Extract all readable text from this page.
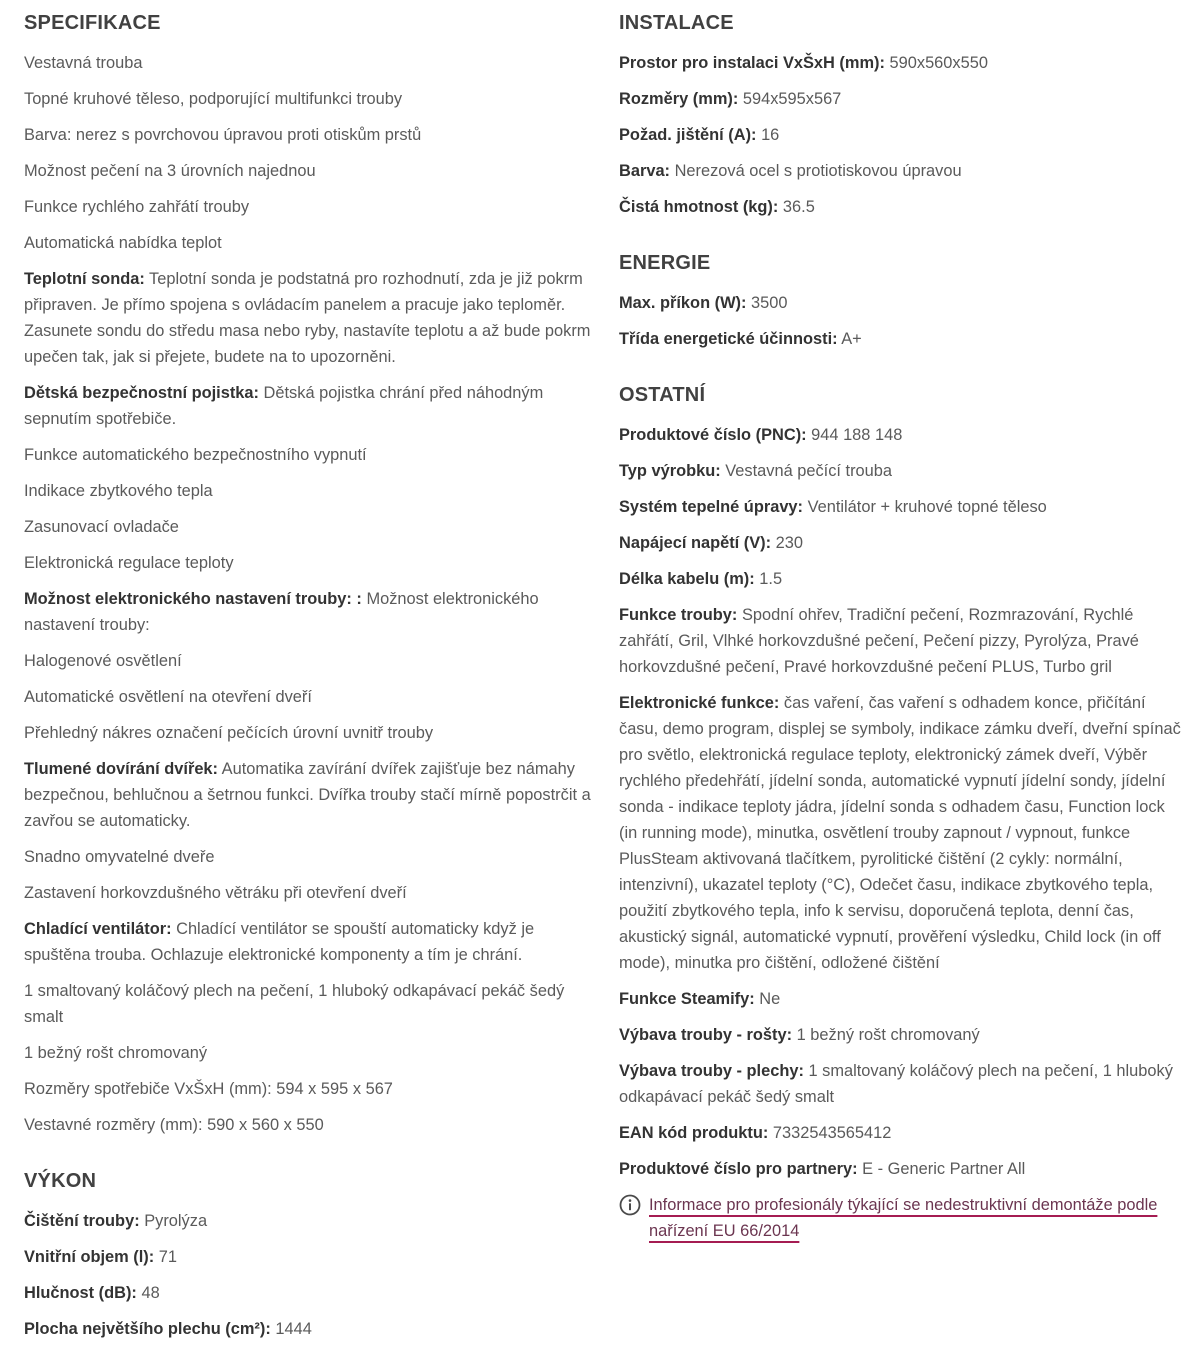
SPECIFIKACE
Vestavná trouba
Topné kruhové těleso, podporující multifunkci trouby
Barva: nerez s povrchovou úpravou proti otiskům prstů
Možnost pečení na 3 úrovních najednou
Funkce rychlého zahřátí trouby
Automatická nabídka teplot
Teplotní sonda: Teplotní sonda je podstatná pro rozhodnutí, zda je již pokrm připraven. Je přímo spojena s ovládacím panelem a pracuje jako teploměr. Zasunete sondu do středu masa nebo ryby, nastavíte teplotu a až bude pokrm upečen tak, jak si přejete, budete na to upozorněni.
Dětská bezpečnostní pojistka: Dětská pojistka chrání před náhodným sepnutím spotřebiče.
Funkce automatického bezpečnostního vypnutí
Indikace zbytkového tepla
Zasunovací ovladače
Elektronická regulace teploty
Možnost elektronického nastavení trouby: : Možnost elektronického nastavení trouby:
Halogenové osvětlení
Automatické osvětlení na otevření dveří
Přehledný nákres označení pečících úrovní uvnitř trouby
Tlumené dovírání dvířek: Automatika zavírání dvířek zajišťuje bez námahy bezpečnou, behlučnou a šetrnou funkci. Dvířka trouby stačí mírně popostrčit a zavřou se automaticky.
Snadno omyvatelné dveře
Zastavení horkovzdušného větráku při otevření dveří
Chladící ventilátor: Chladící ventilátor se spouští automaticky když je spuštěna trouba. Ochlazuje elektronické komponenty a tím je chrání.
1 smaltovaný koláčový plech na pečení, 1 hluboký odkapávací pekáč šedý smalt
1 bežný rošt chromovaný
Rozměry spotřebiče VxŠxH (mm): 594 x 595 x 567
Vestavné rozměry (mm): 590 x 560 x 550
VÝKON
Čištění trouby: Pyrolýza
Vnitřní objem (l): 71
Hlučnost (dB): 48
Plocha největšího plechu (cm²): 1444
INSTALACE
Prostor pro instalaci VxŠxH (mm): 590x560x550
Rozměry (mm): 594x595x567
Požad. jištění (A): 16
Barva: Nerezová ocel s protiotiskovou úpravou
Čistá hmotnost (kg): 36.5
ENERGIE
Max. příkon (W): 3500
Třída energetické účinnosti: A+
OSTATNÍ
Produktové číslo (PNC): 944 188 148
Typ výrobku: Vestavná pečící trouba
Systém tepelné úpravy: Ventilátor + kruhové topné těleso
Napájecí napětí (V): 230
Délka kabelu (m): 1.5
Funkce trouby: Spodní ohřev, Tradiční pečení, Rozmrazování, Rychlé zahřátí, Gril, Vlhké horkovzdušné pečení, Pečení pizzy, Pyrolýza, Pravé horkovzdušné pečení, Pravé horkovzdušné pečení PLUS, Turbo gril
Elektronické funkce: čas vaření, čas vaření s odhadem konce, přičítání času, demo program, displej se symboly, indikace zámku dveří, dveřní spínač pro světlo, elektronická regulace teploty, elektronický zámek dveří, Výběr rychlého předehřátí, jídelní sonda, automatické vypnutí jídelní sondy, jídelní sonda - indikace teploty jádra, jídelní sonda s odhadem času, Function lock (in running mode), minutka, osvětlení trouby zapnout / vypnout, funkce PlusSteam aktivovaná tlačítkem, pyrolitické čištění (2 cykly: normální, intenzivní), ukazatel teploty (°C), Odečet času, indikace zbytkového tepla, použití zbytkového tepla, info k servisu, doporučená teplota, denní čas, akustický signál, automatické vypnutí, prověření výsledku, Child lock (in off mode), minutka pro čištění, odložené čištění
Funkce Steamify: Ne
Výbava trouby - rošty: 1 bežný rošt chromovaný
Výbava trouby - plechy: 1 smaltovaný koláčový plech na pečení, 1 hluboký odkapávací pekáč šedý smalt
EAN kód produktu: 7332543565412
Produktové číslo pro partnery: E - Generic Partner All
Informace pro profesionály týkající se nedestruktivní demontáže podle nařízení EU 66/2014
